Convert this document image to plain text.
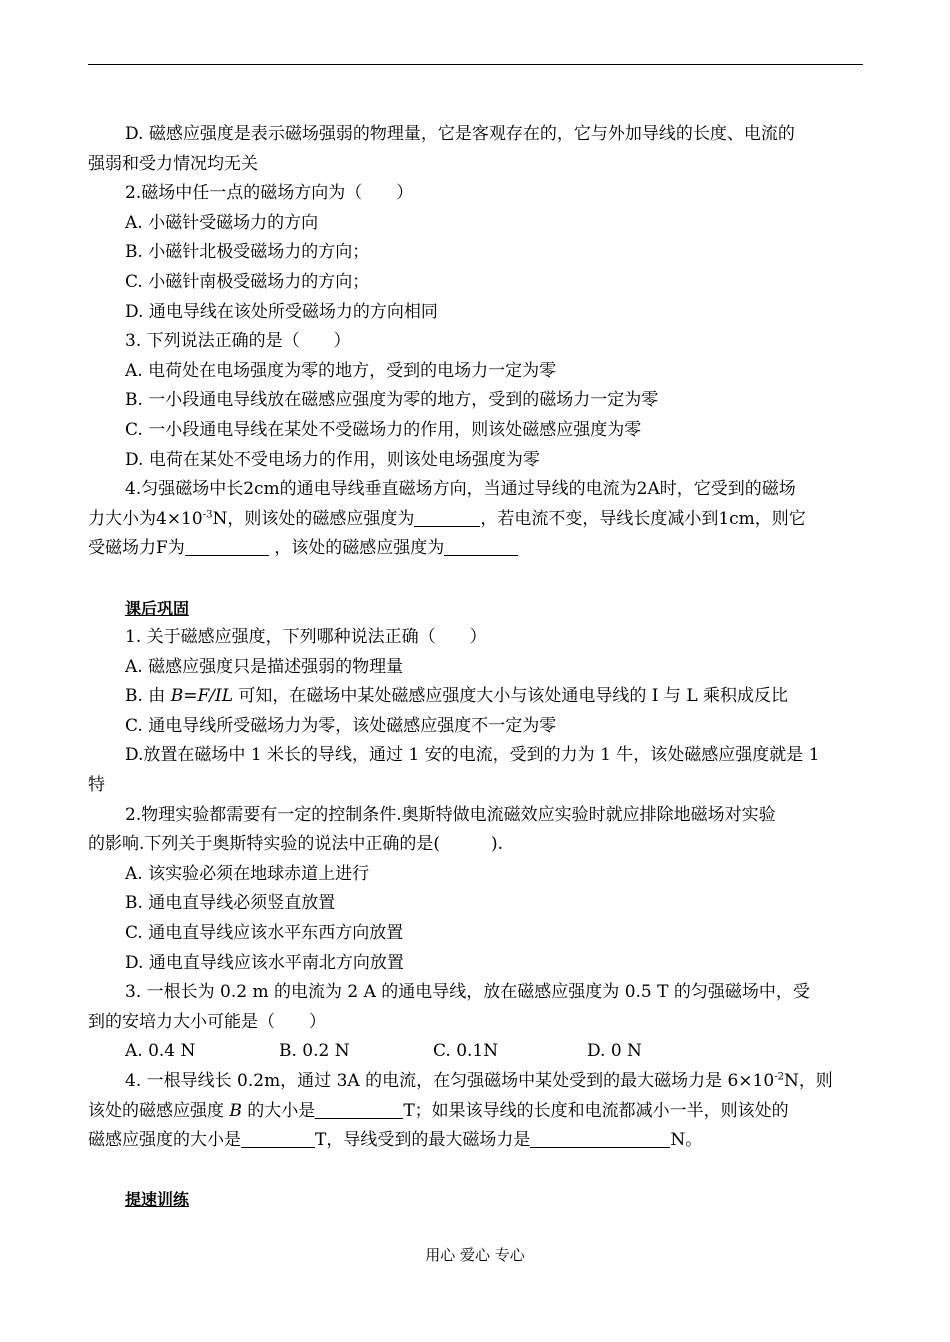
D. 磁感应强度是表示磁场强弱的物理量，它是客观存在的，它与外加导线的长度、电流的
强弱和受力情况均无关
2.磁场中任一点的磁场方向为（　　）
A. 小磁针受磁场力的方向
B. 小磁针北极受磁场力的方向；
C. 小磁针南极受磁场力的方向；
D. 通电导线在该处所受磁场力的方向相同
3. 下列说法正确的是（　　）
A. 电荷处在电场强度为零的地方，受到的电场力一定为零
B. 一小段通电导线放在磁感应强度为零的地方，受到的磁场力一定为零
C. 一小段通电导线在某处不受磁场力的作用，则该处磁感应强度为零
D. 电荷在某处不受电场力的作用，则该处电场强度为零
4.匀强磁场中长2cm的通电导线垂直磁场方向，当通过导线的电流为2A时，它受到的磁场
力大小为$4\times 10^{-3}N$，则该处的磁感应强度为	，若电流不变，导线长度减小到1cm，则它
受磁场力F为	，该处的磁感应强度为
课后巩固
1. 关于磁感应强度，下列哪种说法正确（　　）
A. 磁感应强度只是描述强弱的物理量
B. 由 B=F/IL 可知，在磁场中某处磁感应强度大小与该处通电导线的 I 与 L 乘积成反比
C. 通电导线所受磁场力为零，该处磁感应强度不一定为零
D.放置在磁场中 1 米长的导线，通过 1 安的电流，受到的力为 1 牛，该处磁感应强度就是 1
特
2.物理实验都需要有一定的控制条件.奥斯特做电流磁效应实验时就应排除地磁场对实验
的影响.下列关于奥斯特实验的说法中正确的是(　　　).
A. 该实验必须在地球赤道上进行
B. 通电直导线必须竖直放置
C. 通电直导线应该水平东西方向放置
D. 通电直导线应该水平南北方向放置
3. 一根长为 0.2 m 的电流为 2 A 的通电导线，放在磁感应强度为 0.5 T 的匀强磁场中，受
到的安培力大小可能是（　　）
A. 0.4 N	B. 0.2 N	C. 0.1N	D. 0 N
4. 一根导线长 0.2m，通过 3A 的电流，在匀强磁场中某处受到的最大磁场力是 $6\times 10^{-2}N$，则
该处的磁感应强度 B 的大小是	T；如果该导线的长度和电流都减小一半，则该处的
磁感应强度的大小是	T，导线受到的最大磁场力是	N。
提速训练
用心 爱心 专心
